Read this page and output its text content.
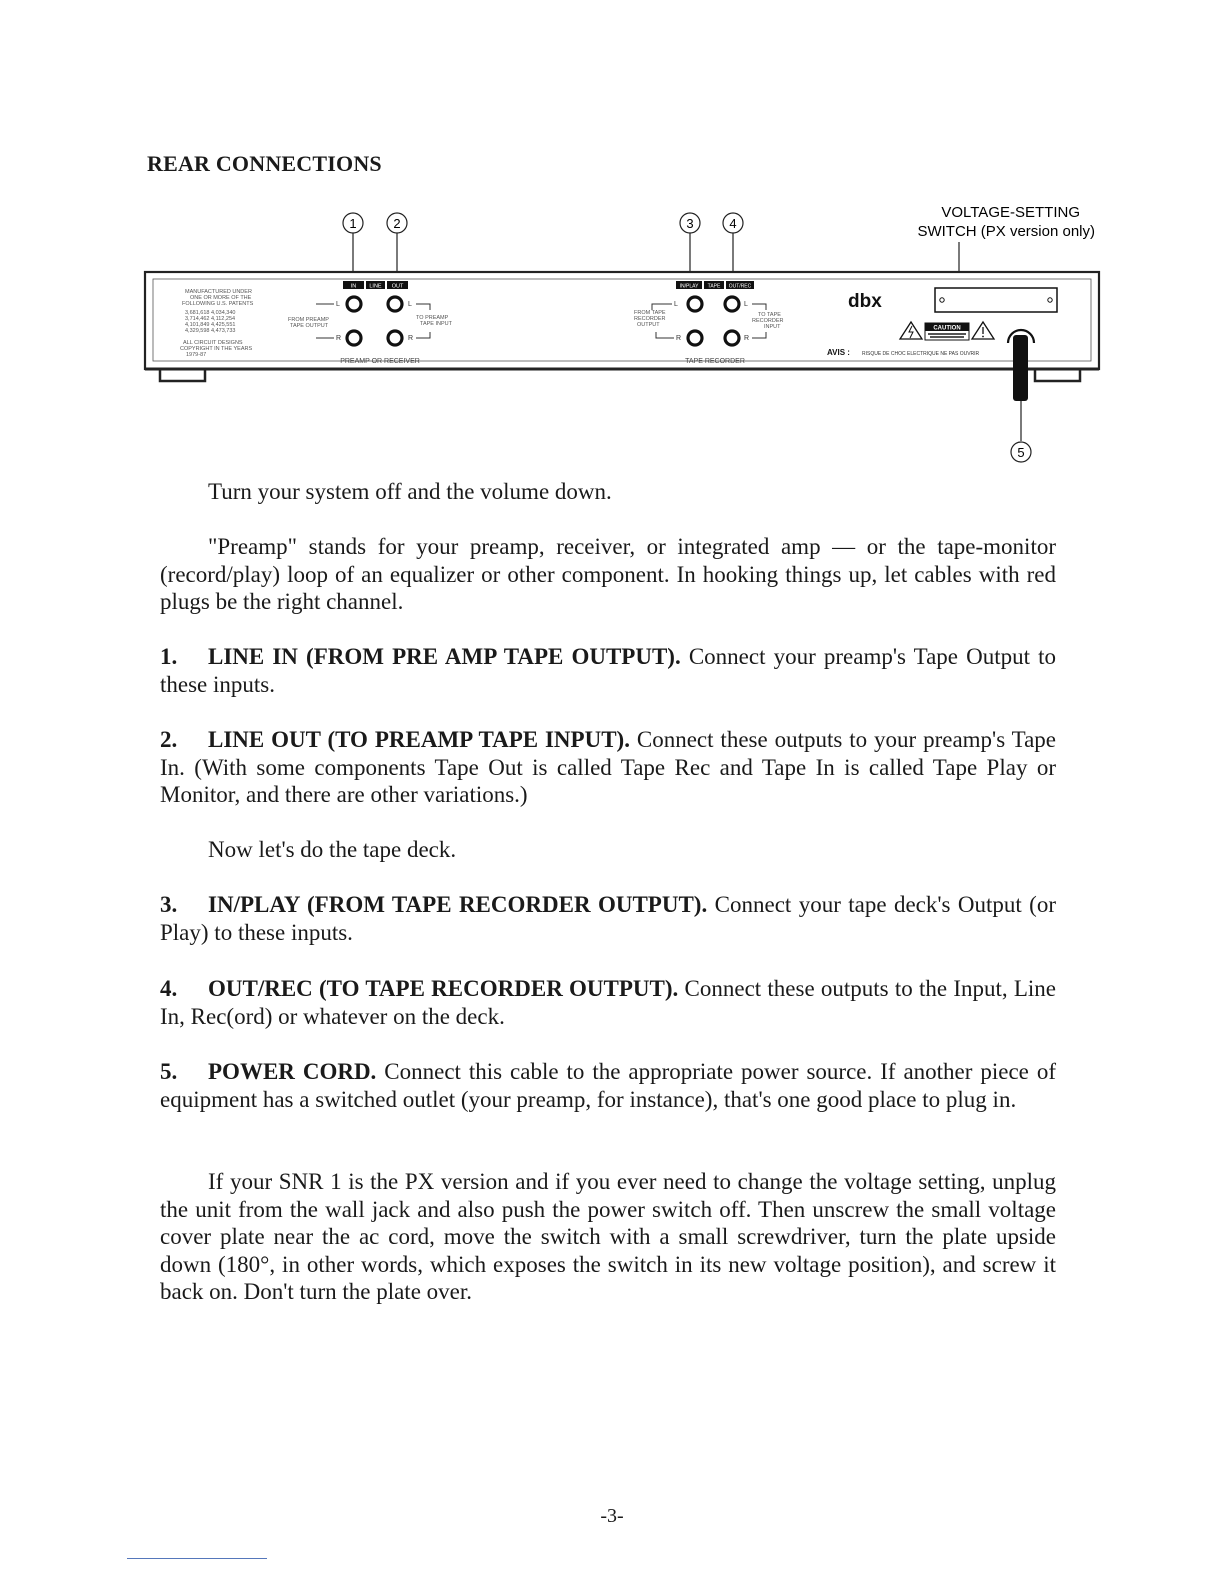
REAR CONNECTIONS
1	2	3	4
5
VOLTAGE-SETTING
SWITCH (PX version only)
MANUFACTURED UNDER
ONE OR MORE OF THE
FOLLOWING U.S. PATENTS
3,681,618 4,034,340
3,714,462 4,112,254
4,101,849 4,425,551
4,329,598 4,473,733
ALL CIRCUIT DESIGNS
COPYRIGHT IN THE YEARS
1979-87
IN LINE OUT
L
R
L
R
FROM PREAMP
TAPE OUTPUT
TO PREAMP
TAPE INPUT
PREAMP OR RECEIVER
IN/PLAY TAPE OUT/REC
L
R
L
R
FROM TAPE
RECORDER
OUTPUT
TO TAPE
RECORDER
INPUT
TAPE RECORDER
dbx
CAUTION
AVIS : RISQUE DE CHOC ELECTRIQUE NE PAS OUVRIR

Turn your system off and the volume down.

"Preamp" stands for your preamp, receiver, or integrated amp — or the tape-monitor (record/play) loop of an equalizer or other component. In hooking things up, let cables with red plugs be the right channel.

1. LINE IN (FROM PRE AMP TAPE OUTPUT). Connect your preamp's Tape Output to these inputs.

2. LINE OUT (TO PREAMP TAPE INPUT). Connect these outputs to your preamp's Tape In. (With some components Tape Out is called Tape Rec and Tape In is called Tape Play or Monitor, and there are other variations.)

Now let's do the tape deck.

3. IN/PLAY (FROM TAPE RECORDER OUTPUT). Connect your tape deck's Output (or Play) to these inputs.

4. OUT/REC (TO TAPE RECORDER OUTPUT). Connect these outputs to the Input, Line In, Rec(ord) or whatever on the deck.

5. POWER CORD. Connect this cable to the appropriate power source. If another piece of equipment has a switched outlet (your preamp, for instance), that's one good place to plug in.

If your SNR 1 is the PX version and if you ever need to change the voltage setting, unplug the unit from the wall jack and also push the power switch off. Then unscrew the small voltage cover plate near the ac cord, move the switch with a small screwdriver, turn the plate upside down (180°, in other words, which exposes the switch in its new voltage position), and screw it back on. Don't turn the plate over.

-3-
